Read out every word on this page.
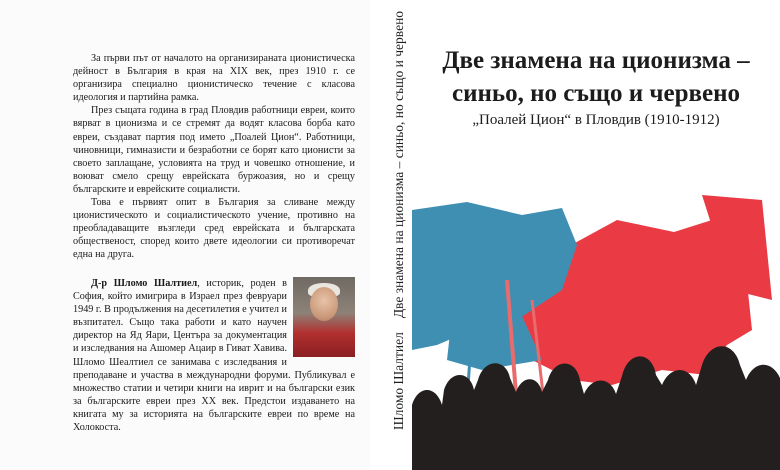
За първи път от началото на организираната ционистическа дейност в България в края на XIX век, през 1910 г. се организира специално ционистическо течение с класова идеология и партийна рамка.

През същата година в град Пловдив работници евреи, които вярват в ционизма и се стремят да водят класова борба като евреи, създават партия под името „Поалей Цион“. Работници, чиновници, гимназисти и безработни се борят като ционисти за своето заплащане, условията на труд и човешко отношение, и воюват смело срещу еврейската буржоазия, но и срещу българските и еврейските социалисти.

Това е първият опит в България за сливане между ционистическото и социалистическото учение, противно на преобладаващите възгледи сред еврейската и българската общественост, според които двете идеологии си противоречат една на друга.

Д-р Шломо Шалтиел, историк, роден в София, който имигрира в Израел през февруари 1949 г. В продължения на десетилетия е учител и възпитател. Също така работи и като научен директор на Яд Яари, Центъра за документация и изследвания на Ашомер Ацаир в Гиват Хавива. Шломо Шеалтиел се занимава с изследвания и преподаване и участва в международни форуми. Публикувал е множество статии и четири книги на иврит и на български език за българските евреи през XX век. Предстои издаването на книгата му за историята на българските евреи по време на Холокоста.	Шломо ШалтиелДве знамена на ционизма – синьо, но също и червено	Две знамена на ционизма –
синьо, но също и червено
„Поалей Цион“ в Пловдив (1910-1912)
